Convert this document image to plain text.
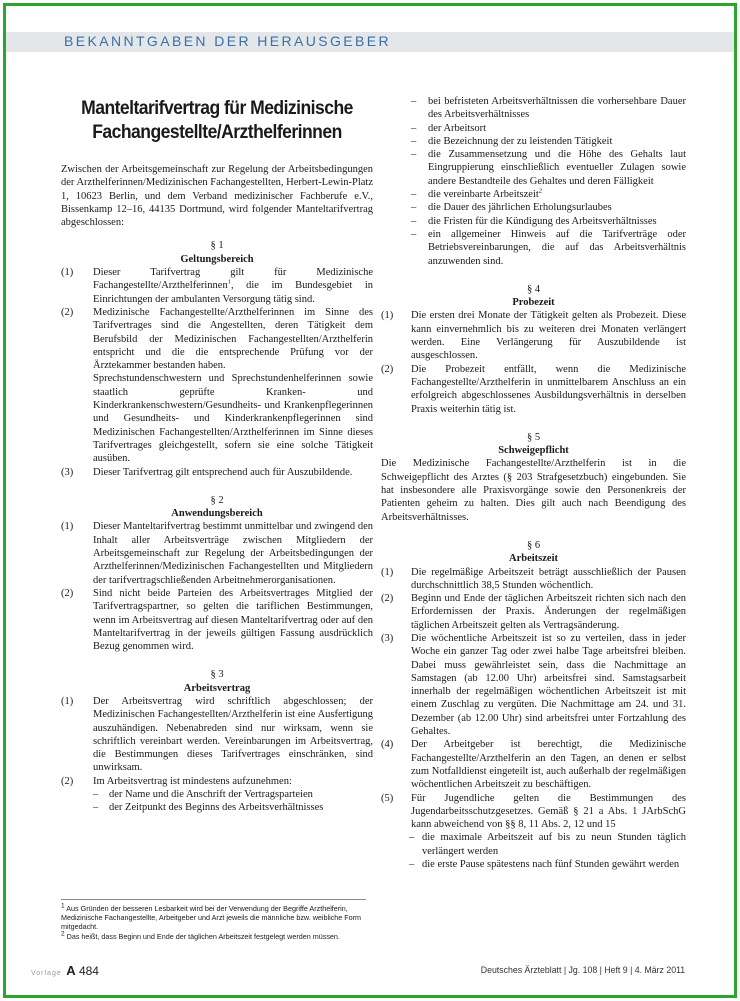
BEKANNTGABEN DER HERAUSGEBER
Manteltarifvertrag für Medizinische
Fachangestellte/Arzthelferinnen

Zwischen der Arbeitsgemeinschaft zur Regelung der Arbeitsbedingungen der Arzthelferinnen/Medizinischen Fachangestellten, Herbert-Lewin-Platz 1, 10623 Berlin, und dem Verband medizinischer Fachberufe e.V., Bissenkamp 12–16, 44135 Dortmund, wird folgender Manteltarifvertrag abgeschlossen:

§ 1
Geltungsbereich
(1) Dieser Tarifvertrag gilt für Medizinische Fachangestellte/Arzthelferinnen$^1$, die im Bundesgebiet in Einrichtungen der ambulanten Versorgung tätig sind.

(2) Medizinische Fachangestellte/Arzthelferinnen im Sinne des Tarifvertrages sind die Angestellten, deren Tätigkeit dem Berufsbild der Medizinischen Fachangestellten/Arzthelferin entspricht und die die entsprechende Prüfung vor der Ärztekammer bestanden haben.

Sprechstundenschwestern und Sprechstundenhelferinnen sowie staatlich geprüfte Kranken- und Kinderkrankenschwestern/Gesundheits- und Krankenpflegerinnen und Gesundheits- und Kinderkrankenpflegerinnen sind Medizinischen Fachangestellten/Arzthelferinnen im Sinne dieses Tarifvertrages gleichgestellt, sofern sie eine solche Tätigkeit ausüben.

(3) Dieser Tarifvertrag gilt entsprechend auch für Auszubildende.

§ 2
Anwendungsbereich
(1) Dieser Manteltarifvertrag bestimmt unmittelbar und zwingend den Inhalt aller Arbeitsverträge zwischen Mitgliedern der Arbeitsgemeinschaft zur Regelung der Arbeitsbedingungen der Arzthelferinnen/Medizinischen Fachangestellten und Mitgliedern der tarifvertragschließenden Arbeitnehmerorganisationen.

(2) Sind nicht beide Parteien des Arbeitsvertrages Mitglied der Tarifvertragspartner, so gelten die tariflichen Bestimmungen, wenn im Arbeitsvertrag auf diesen Manteltarifvertrag oder auf den Manteltarifvertrag in der jeweils gültigen Fassung ausdrücklich Bezug genommen wird.

§ 3
Arbeitsvertrag
(1) Der Arbeitsvertrag wird schriftlich abgeschlossen; der Medizinischen Fachangestellten/Arzthelferin ist eine Ausfertigung auszuhändigen. Nebenabreden sind nur wirksam, wenn sie schriftlich vereinbart werden. Vereinbarungen im Arbeitsvertrag, die Bestimmungen dieses Tarifvertrages einschränken, sind unwirksam.

(2) Im Arbeitsvertrag ist mindestens aufzunehmen:

– der Name und die Anschrift der Vertragsparteien
– der Zeitpunkt des Beginns des Arbeitsverhältnisses
– bei befristeten Arbeitsverhältnissen die vorhersehbare Dauer des Arbeitsverhältnisses
– der Arbeitsort
– die Bezeichnung der zu leistenden Tätigkeit
– die Zusammensetzung und die Höhe des Gehalts laut Eingruppierung einschließlich eventueller Zulagen sowie andere Bestandteile des Gehaltes und deren Fälligkeit
– die vereinbarte Arbeitszeit$^2$
– die Dauer des jährlichen Erholungsurlaubes
– die Fristen für die Kündigung des Arbeitsverhältnisses
– ein allgemeiner Hinweis auf die Tarifverträge oder Betriebsvereinbarungen, die auf das Arbeitsverhältnis anzuwenden sind.
§ 4
Probezeit
(1) Die ersten drei Monate der Tätigkeit gelten als Probezeit. Diese kann einvernehmlich bis zu weiteren drei Monaten verlängert werden. Eine Verlängerung für Auszubildende ist ausgeschlossen.

(2) Die Probezeit entfällt, wenn die Medizinische Fachangestellte/Arzthelferin in unmittelbarem Anschluss an ein erfolgreich abgeschlossenes Ausbildungsverhältnis in derselben Praxis weiterhin tätig ist.

§ 5
Schweigepflicht

Die Medizinische Fachangestellte/Arzthelferin ist in die Schweigepflicht des Arztes (§ 203 Strafgesetzbuch) eingebunden. Sie hat insbesondere alle Praxisvorgänge sowie den Personenkreis der Patienten geheim zu halten. Dies gilt auch nach Beendigung des Arbeitsverhältnisses.

§ 6
Arbeitszeit
(1) Die regelmäßige Arbeitszeit beträgt ausschließlich der Pausen durchschnittlich 38,5 Stunden wöchentlich.

(2) Beginn und Ende der täglichen Arbeitszeit richten sich nach den Erfordernissen der Praxis. Änderungen der regelmäßigen täglichen Arbeitszeit gelten als Vertragsänderung.

(3) Die wöchentliche Arbeitszeit ist so zu verteilen, dass in jeder Woche ein ganzer Tag oder zwei halbe Tage arbeitsfrei bleiben. Dabei muss gewährleistet sein, dass die Nachmittage an Samstagen (ab 12.00 Uhr) arbeitsfrei sind. Samstagsarbeit innerhalb der regelmäßigen wöchentlichen Arbeitszeit ist mit einem Zuschlag zu vergüten. Die Nachmittage am 24. und 31. Dezember (ab 12.00 Uhr) sind arbeitsfrei unter Fortzahlung des Gehaltes.

(4) Der Arbeitgeber ist berechtigt, die Medizinische Fachangestellte/Arzthelferin an den Tagen, an denen er selbst zum Notfalldienst eingeteilt ist, auch außerhalb der regelmäßigen wöchentlichen Arbeitszeit zu beschäftigen.

(5) Für Jugendliche gelten die Bestimmungen des Jugendarbeitsschutzgesetzes. Gemäß § 21 a Abs. 1 JArbSchG kann abweichend von §§ 8, 11 Abs. 2, 12 und 15

– die maximale Arbeitszeit auf bis zu neun Stunden täglich verlängert werden
– die erste Pause spätestens nach fünf Stunden gewährt werden

$^1$ Aus Gründen der besseren Lesbarkeit wird bei der Verwendung der Begriffe Arzthelferin, Medizinische Fachangestellte, Arbeitgeber und Arzt jeweils die männliche bzw. weibliche Form mitgedacht.

$^2$ Das heißt, dass Beginn und Ende der täglichen Arbeitszeit festgelegt werden müssen.

Vorlage A 484	Deutsches Ärzteblatt | Jg. 108 | Heft 9 | 4. März 2011
